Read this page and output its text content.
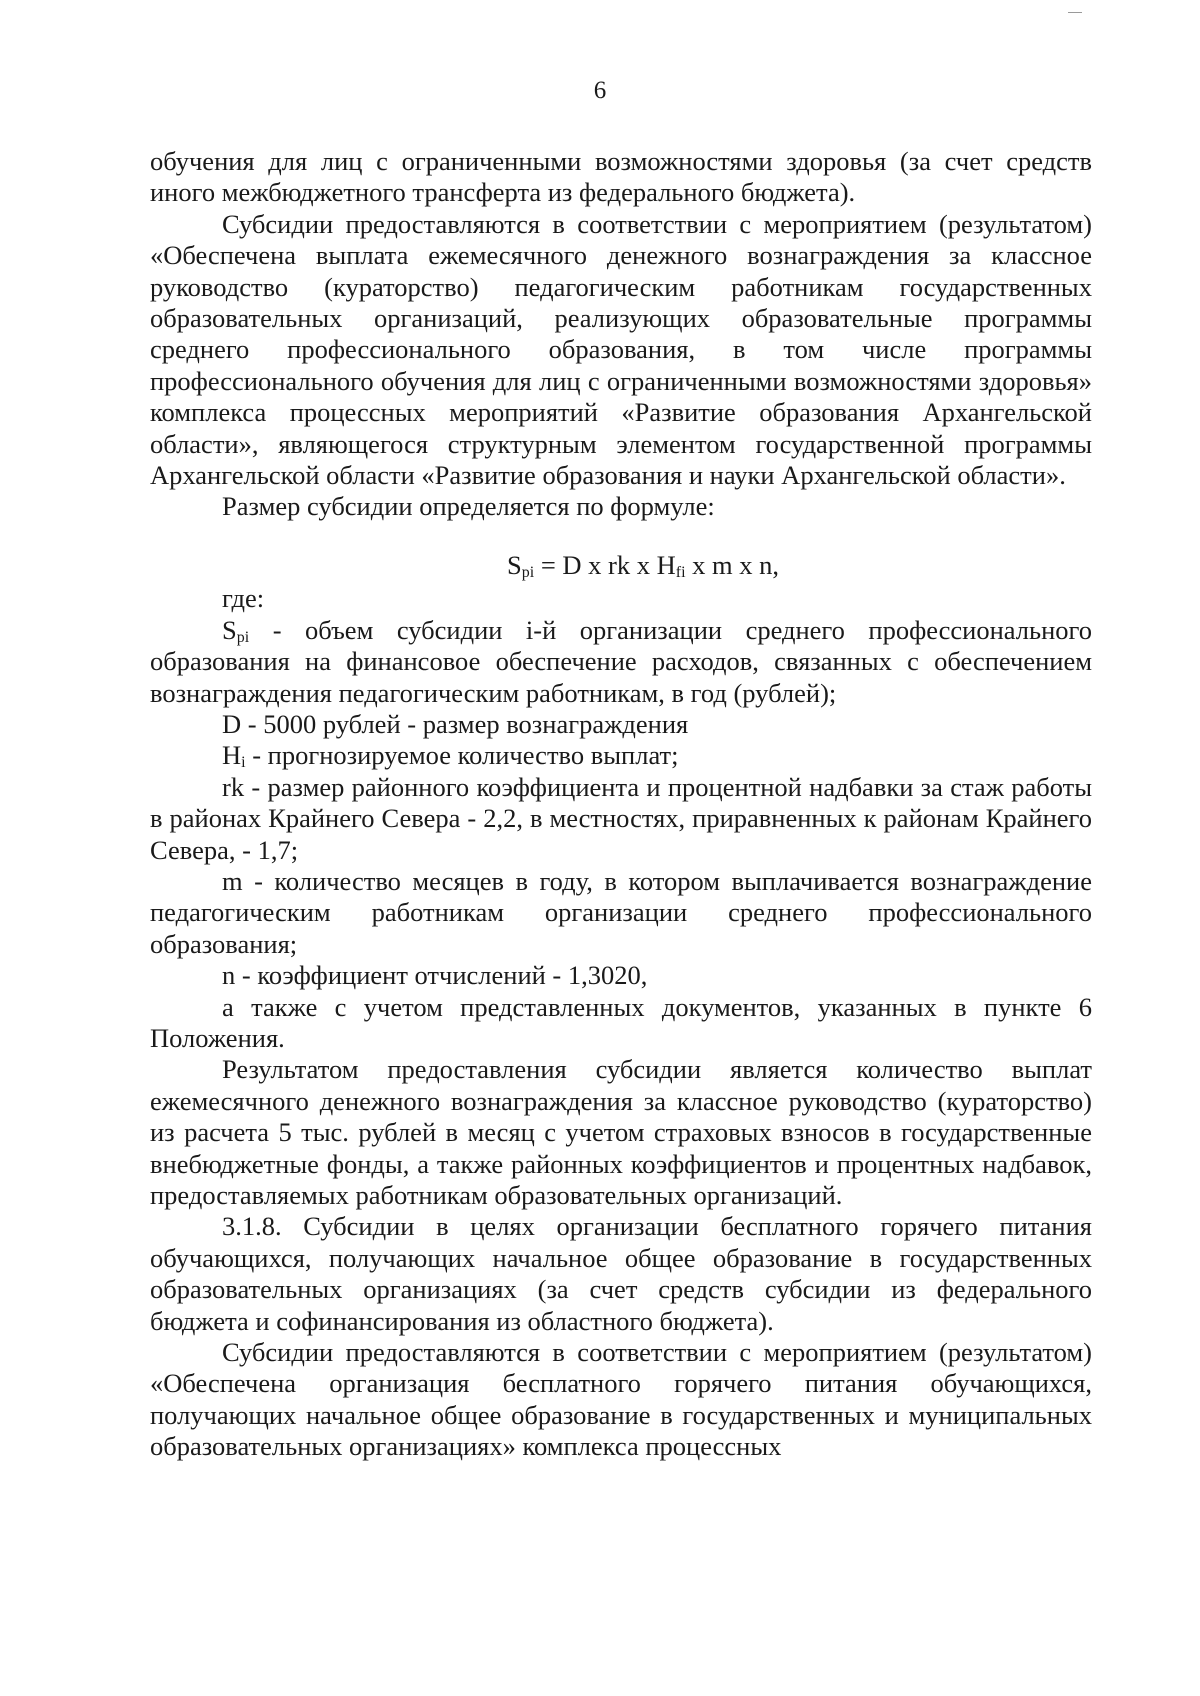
6

обучения для лиц с ограниченными возможностями здоровья (за счет средств иного межбюджетного трансферта из федерального бюджета).

Субсидии предоставляются в соответствии с мероприятием (результатом) «Обеспечена выплата ежемесячного денежного вознаграждения за классное руководство (кураторство) педагогическим работникам государственных образовательных организаций, реализующих образовательные программы среднего профессионального образования, в том числе программы профессионального обучения для лиц с ограниченными возможностями здоровья» комплекса процессных мероприятий «Развитие образования Архангельской области», являющегося структурным элементом государственной программы Архангельской области «Развитие образования и науки Архангельской области».

Размер субсидии определяется по формуле:

$S_{pi} = D$ x rk x $H_{fi}$ x m x n,

где:

$S_{pi}$ - объем субсидии i-й организации среднего профессионального образования на финансовое обеспечение расходов, связанных с обеспечением вознаграждения педагогическим работникам, в год (рублей);

D - 5000 рублей - размер вознаграждения

$H_i$ - прогнозируемое количество выплат;

rk - размер районного коэффициента и процентной надбавки за стаж работы в районах Крайнего Севера - 2,2, в местностях, приравненных к районам Крайнего Севера, - 1,7;

m - количество месяцев в году, в котором выплачивается вознаграждение педагогическим работникам организации среднего профессионального образования;

n - коэффициент отчислений - 1,3020,

а также с учетом представленных документов, указанных в пункте 6 Положения.

Результатом предоставления субсидии является количество выплат ежемесячного денежного вознаграждения за классное руководство (кураторство) из расчета 5 тыс. рублей в месяц с учетом страховых взносов в государственные внебюджетные фонды, а также районных коэффициентов и процентных надбавок, предоставляемых работникам образовательных организаций.

3.1.8. Субсидии в целях организации бесплатного горячего питания обучающихся, получающих начальное общее образование в государственных образовательных организациях (за счет средств субсидии из федерального бюджета и софинансирования из областного бюджета).

Субсидии предоставляются в соответствии с мероприятием (результатом) «Обеспечена организация бесплатного горячего питания обучающихся, получающих начальное общее образование в государственных и муниципальных образовательных организациях» комплекса процессных
